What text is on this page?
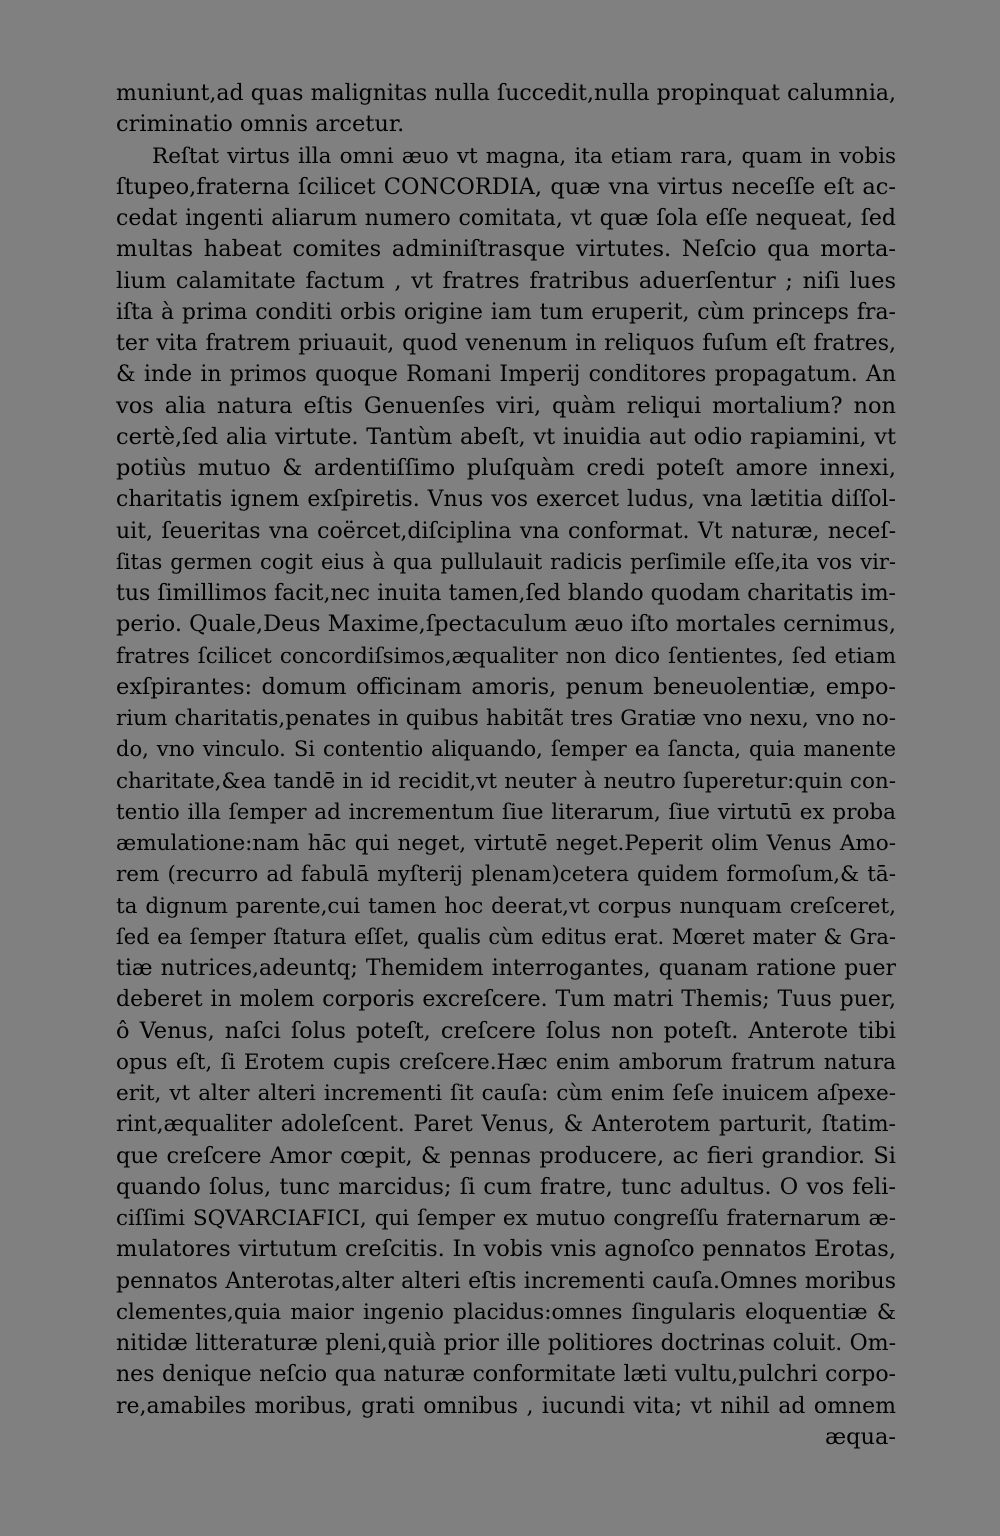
muniunt,ad quas malignitas nulla ſuccedit,nulla propinquat calumnia,
criminatio omnis arcetur.
Reſtat virtus illa omni æuo vt magna, ita etiam rara, quam in vobis
ſtupeo,fraterna ſcilicet CONCORDIA, quæ vna virtus neceſſe eſt ac-
cedat ingenti aliarum numero comitata, vt quæ ſola eſſe nequeat, ſed
multas habeat comites adminiſtrasque virtutes. Neſcio qua morta-
lium calamitate factum , vt fratres fratribus aduerſentur ; niſi lues
iſta à prima conditi orbis origine iam tum eruperit, cùm princeps fra-
ter vita fratrem priuauit, quod venenum in reliquos fuſum eſt fratres,
& inde in primos quoque Romani Imperij conditores propagatum. An
vos alia natura eſtis Genuenſes viri, quàm reliqui mortalium? non
certè,ſed alia virtute. Tantùm abeſt, vt inuidia aut odio rapiamini, vt
potiùs mutuo & ardentiſſimo pluſquàm credi poteſt amore innexi,
charitatis ignem exſpiretis. Vnus vos exercet ludus, vna lætitia diſſol-
uit, ſeueritas vna coërcet,diſciplina vna conformat. Vt naturæ, neceſ-
ſitas germen cogit eius à qua pullulauit radicis perſimile eſſe,ita vos vir-
tus ſimillimos facit,nec inuita tamen,ſed blando quodam charitatis im-
perio. Quale,Deus Maxime,ſpectaculum æuo iſto mortales cernimus,
fratres ſcilicet concordiſsimos,æqualiter non dico ſentientes, ſed etiam
exſpirantes: domum officinam amoris, penum beneuolentiæ, empo-
rium charitatis,penates in quibus habitãt tres Gratiæ vno nexu, vno no-
do, vno vinculo. Si contentio aliquando, ſemper ea ſancta, quia manente
charitate,&ea tandē in id recidit,vt neuter à neutro ſuperetur:quin con-
tentio illa ſemper ad incrementum ſiue literarum, ſiue virtutū ex proba
æmulatione:nam hāc qui neget, virtutē neget.Peperit olim Venus Amo-
rem (recurro ad fabulā myſterij plenam)cetera quidem formoſum,& tā-
ta dignum parente,cui tamen hoc deerat,vt corpus nunquam creſceret,
ſed ea ſemper ſtatura eſſet, qualis cùm editus erat. Mœret mater & Gra-
tiæ nutrices,adeuntq; Themidem interrogantes, quanam ratione puer
deberet in molem corporis excreſcere. Tum matri Themis; Tuus puer,
ô Venus, naſci ſolus poteſt, creſcere ſolus non poteſt. Anterote tibi
opus eſt, ſi Erotem cupis creſcere.Hæc enim amborum fratrum natura
erit, vt alter alteri incrementi ſit cauſa: cùm enim ſeſe inuicem aſpexe-
rint,æqualiter adoleſcent. Paret Venus, & Anterotem parturit, ſtatim-
que creſcere Amor cœpit, & pennas producere, ac fieri grandior. Si
quando ſolus, tunc marcidus; ſi cum fratre, tunc adultus. O vos feli-
ciſſimi SQVARCIAFICI, qui ſemper ex mutuo congreſſu fraternarum æ-
mulatores virtutum creſcitis. In vobis vnis agnoſco pennatos Erotas,
pennatos Anterotas,alter alteri eſtis incrementi cauſa.Omnes moribus
clementes,quia maior ingenio placidus:omnes ſingularis eloquentiæ &
nitidæ litteraturæ pleni,quià prior ille politiores doctrinas coluit. Om-
nes denique neſcio qua naturæ conformitate læti vultu,pulchri corpo-
re,amabiles moribus, grati omnibus , iucundi vita; vt nihil ad omnem
æqua-
